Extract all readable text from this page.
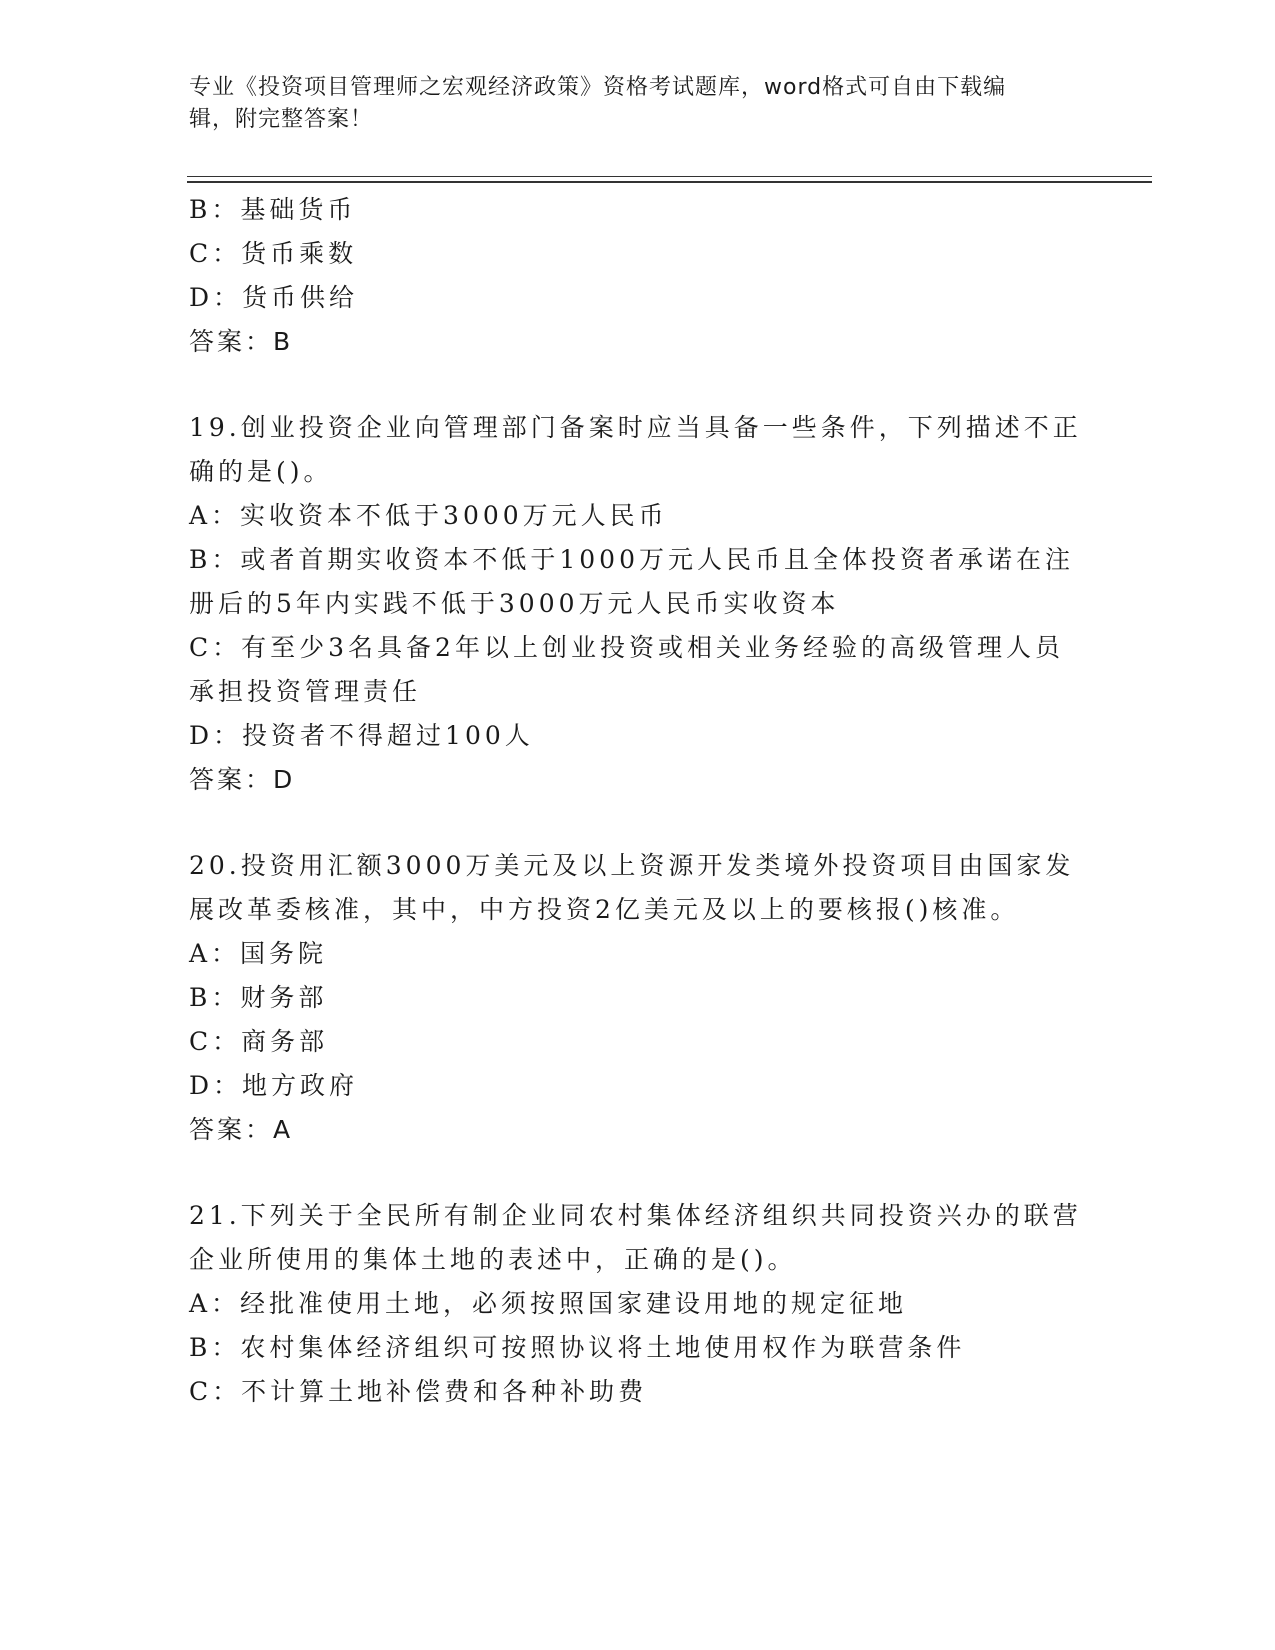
专业《投资项目管理师之宏观经济政策》资格考试题库，word格式可自由下载编
辑，附完整答案！
B：基础货币
C：货币乘数
D：货币供给
答案：B
19.创业投资企业向管理部门备案时应当具备一些条件，下列描述不正
确的是()。
A：实收资本不低于3000万元人民币
B：或者首期实收资本不低于1000万元人民币且全体投资者承诺在注
册后的5年内实践不低于3000万元人民币实收资本
C：有至少3名具备2年以上创业投资或相关业务经验的高级管理人员
承担投资管理责任
D：投资者不得超过100人
答案：D
20.投资用汇额3000万美元及以上资源开发类境外投资项目由国家发
展改革委核准，其中，中方投资2亿美元及以上的要核报()核准。
A：国务院
B：财务部
C：商务部
D：地方政府
答案：A
21.下列关于全民所有制企业同农村集体经济组织共同投资兴办的联营
企业所使用的集体土地的表述中，正确的是()。
A：经批准使用土地，必须按照国家建设用地的规定征地
B：农村集体经济组织可按照协议将土地使用权作为联营条件
C：不计算土地补偿费和各种补助费
